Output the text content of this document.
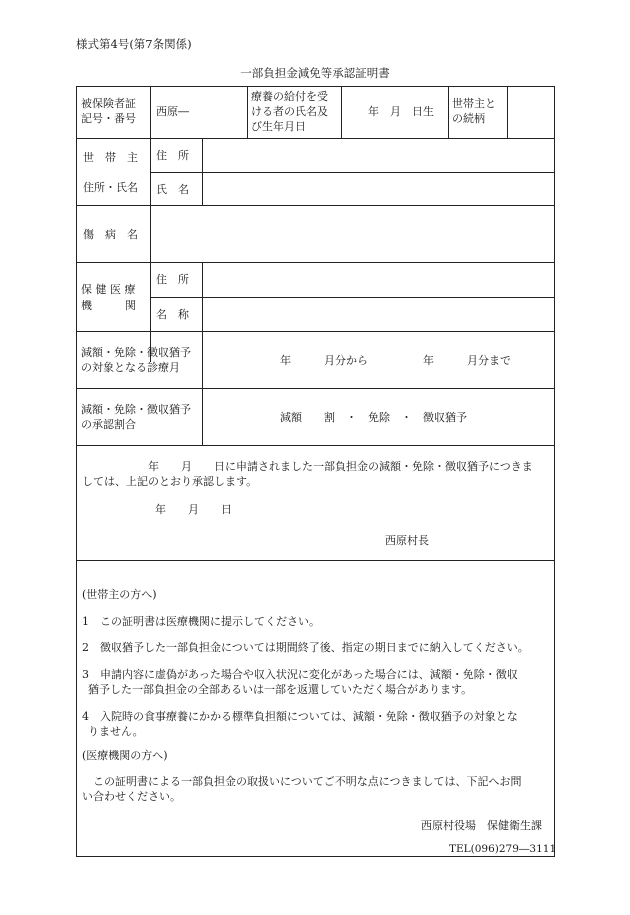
様式第4号(第7条関係)
一部負担金減免等承認証明書
被保険者証
記号・番号
西原―
療養の給付を受
ける者の氏名及
び生年月日
年　月　日生
世帯主と
の続柄
世　帯　主
住所・氏名
住　所
氏　名
傷　病　名
保 健 医 療
機　　　関
住　所
名　称
減額・免除・徴収猶予
の対象となる診療月
年　　　月分から　　　　　年　　　月分まで
減額・免除・徴収猶予
の承認割合
減額　　割　・　免除　・　徴収猶予
　　　　　　年　　月　　日に申請されました一部負担金の減額・免除・徴収猶予につきま
しては、上記のとおり承認します。
年　　月　　日
西原村長
(世帯主の方へ)
1　この証明書は医療機関に提示してください。
2　徴収猶予した一部負担金については期間終了後、指定の期日までに納入してください。
3　申請内容に虚偽があった場合や収入状況に変化があった場合には、減額・免除・徴収
猶予した一部負担金の全部あるいは一部を返還していただく場合があります。
4　入院時の食事療養にかかる標準負担額については、減額・免除・徴収猶予の対象とな
りません。
(医療機関の方へ)
　この証明書による一部負担金の取扱いについてご不明な点につきましては、下記へお問
い合わせください。
西原村役場　保健衛生課
TEL(096)279―3111
